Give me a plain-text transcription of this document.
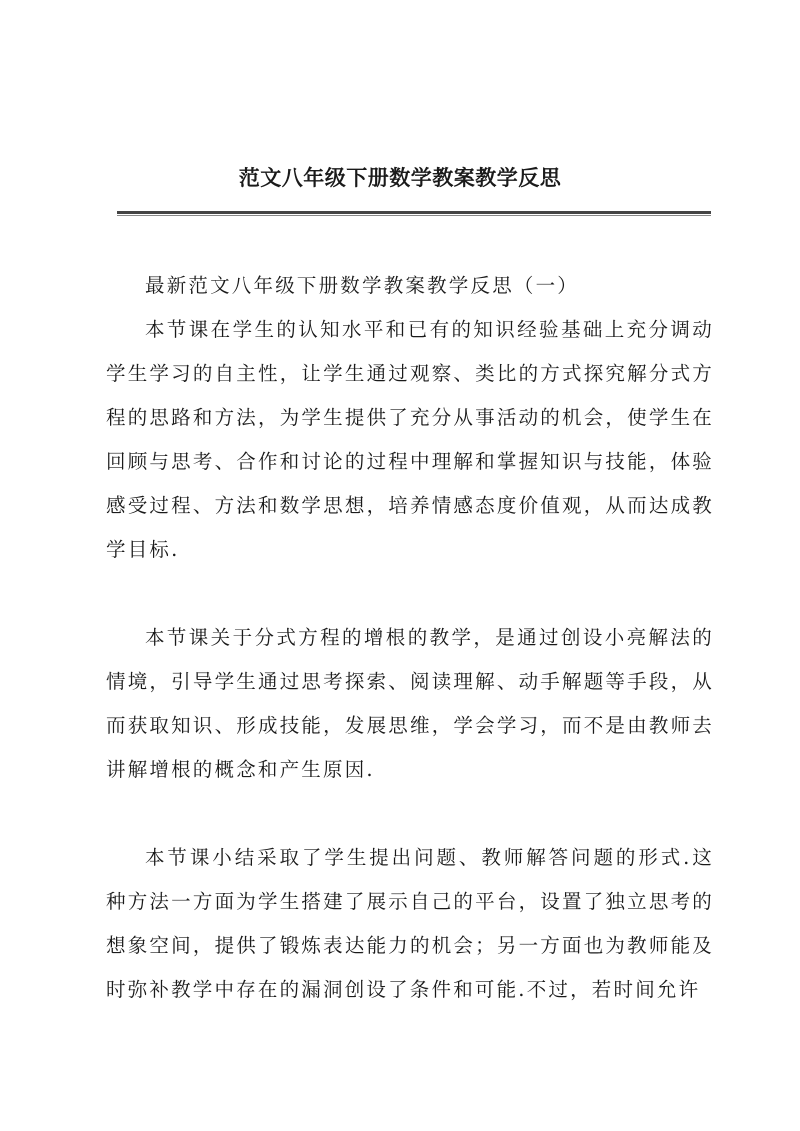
范文八年级下册数学教案教学反思

最新范文八年级下册数学教案教学反思（一）

本节课在学生的认知水平和已有的知识经验基础上充分调动学生学习的自主性，让学生通过观察、类比的方式探究解分式方程的思路和方法，为学生提供了充分从事活动的机会，使学生在回顾与思考、合作和讨论的过程中理解和掌握知识与技能，体验感受过程、方法和数学思想，培养情感态度价值观，从而达成教学目标.

本节课关于分式方程的增根的教学，是通过创设小亮解法的情境，引导学生通过思考探索、阅读理解、动手解题等手段，从而获取知识、形成技能，发展思维，学会学习，而不是由教师去讲解增根的概念和产生原因.

本节课小结采取了学生提出问题、教师解答问题的形式.这种方法一方面为学生搭建了展示自己的平台，设置了独立思考的想象空间，提供了锻炼表达能力的机会；另一方面也为教师能及时弥补教学中存在的漏洞创设了条件和可能.不过，若时间允许
